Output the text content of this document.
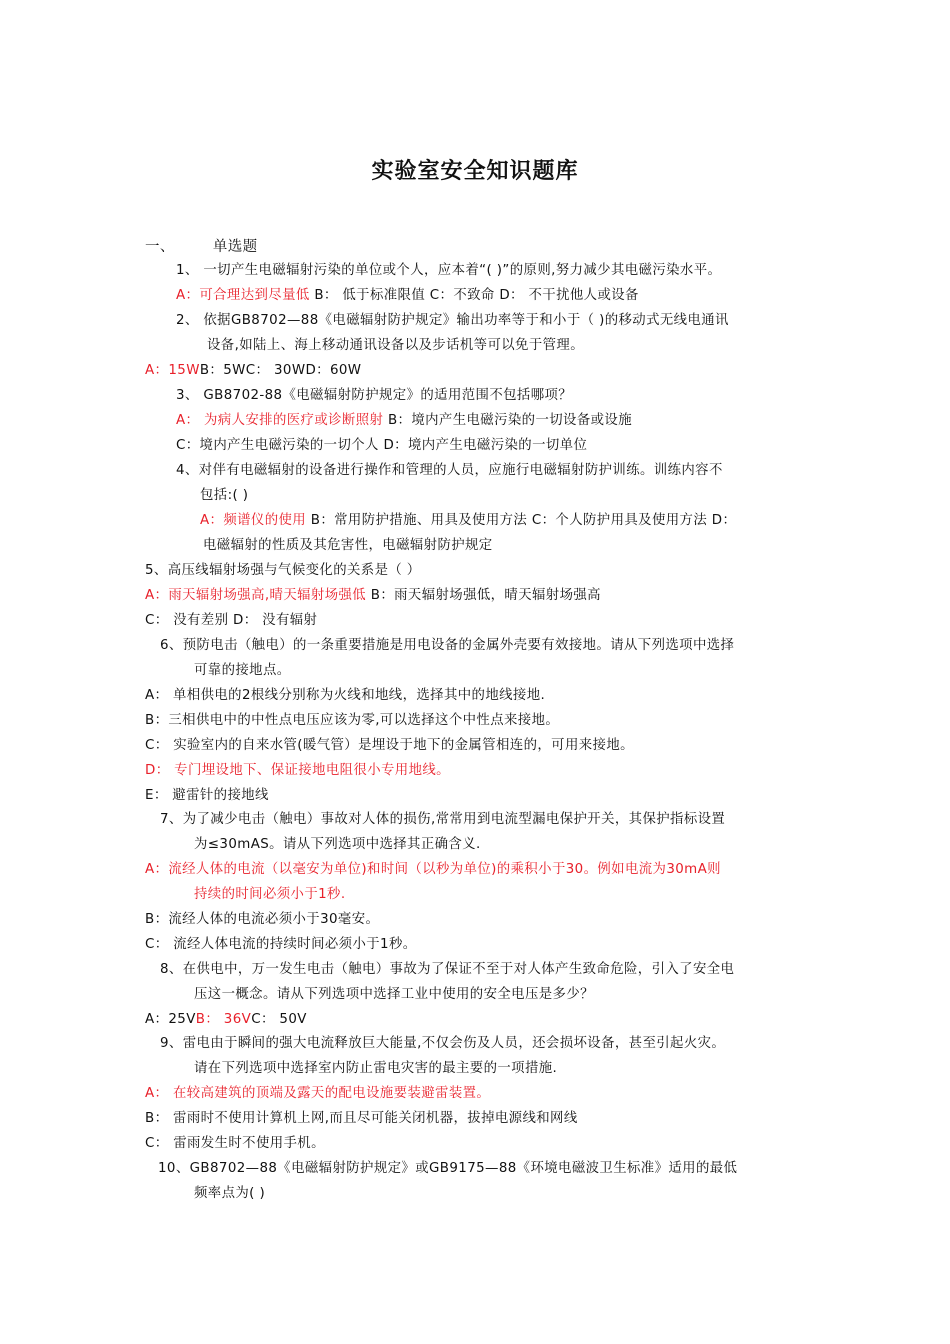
实验室安全知识题库
一、	单选题

1、 一切产生电磁辐射污染的单位或个人，应本着“( )”的原则,努力减少其电磁污染水平。

A：可合理达到尽量低 B： 低于标准限值 C：不致命 D： 不干扰他人或设备

2、 依据GB8702—88《电磁辐射防护规定》输出功率等于和小于（ )的移动式无线电通讯

设备,如陆上、海上移动通讯设备以及步话机等可以免于管理。

A：15WB：5WC： 30WD：60W

3、 GB8702-88《电磁辐射防护规定》的适用范围不包括哪项？

A： 为病人安排的医疗或诊断照射 B：境内产生电磁污染的一切设备或设施

C：境内产生电磁污染的一切个人 D：境内产生电磁污染的一切单位

4、对伴有电磁辐射的设备进行操作和管理的人员，应施行电磁辐射防护训练。训练内容不

包括:( )

A：频谱仪的使用 B：常用防护措施、用具及使用方法 C：个人防护用具及使用方法 D：

电磁辐射的性质及其危害性，电磁辐射防护规定

5、高压线辐射场强与气候变化的关系是（ ）

A：雨天辐射场强高,晴天辐射场强低 B：雨天辐射场强低，晴天辐射场强高

C： 没有差别 D： 没有辐射

6、预防电击（触电）的一条重要措施是用电设备的金属外壳要有效接地。请从下列选项中选择

可靠的接地点。

A： 单相供电的2根线分别称为火线和地线，选择其中的地线接地.

B：三相供电中的中性点电压应该为零,可以选择这个中性点来接地。

C： 实验室内的自来水管(暖气管）是埋设于地下的金属管相连的，可用来接地。

D： 专门埋设地下、保证接地电阻很小专用地线。

E： 避雷针的接地线

7、为了减少电击（触电）事故对人体的损伤,常常用到电流型漏电保护开关，其保护指标设置

为≤30mAS。请从下列选项中选择其正确含义.

A：流经人体的电流（以毫安为单位)和时间（以秒为单位)的乘积小于30。例如电流为30mA则

持续的时间必须小于1秒.

B：流经人体的电流必须小于30毫安。

C： 流经人体电流的持续时间必须小于1秒。

8、在供电中，万一发生电击（触电）事故为了保证不至于对人体产生致命危险，引入了安全电

压这一概念。请从下列选项中选择工业中使用的安全电压是多少？

A：25VB： 36VC： 50V

9、雷电由于瞬间的强大电流释放巨大能量,不仅会伤及人员，还会损坏设备，甚至引起火灾。

请在下列选项中选择室内防止雷电灾害的最主要的一项措施.

A： 在较高建筑的顶端及露天的配电设施要装避雷装置。

B： 雷雨时不使用计算机上网,而且尽可能关闭机器，拔掉电源线和网线

C： 雷雨发生时不使用手机。

10、GB8702—88《电磁辐射防护规定》或GB9175—88《环境电磁波卫生标准》适用的最低

频率点为( )
